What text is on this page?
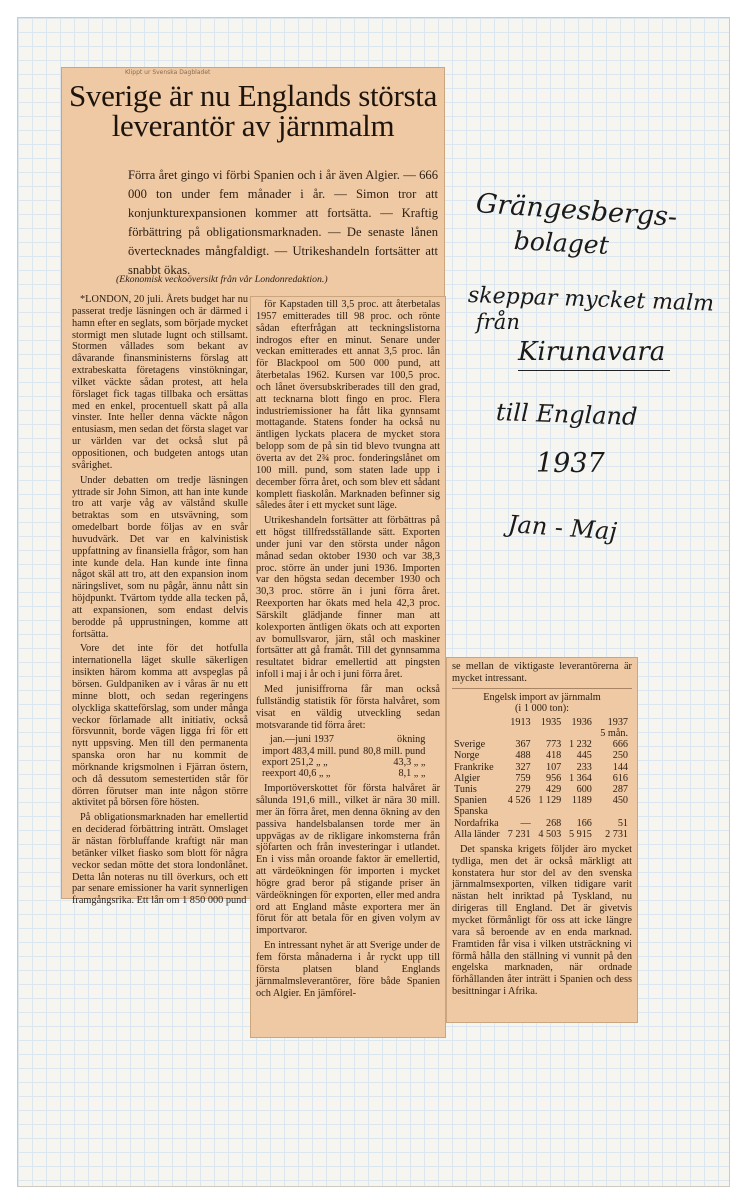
Klippt ur Svenska Dagbladet
Sverige är nu Englands största leverantör av järnmalm
Förra året gingo vi förbi Spanien och i år även Algier. — 666 000 ton under fem månader i år. — Simon tror att konjunkturexpansionen kommer att fortsätta. — Kraftig förbättring på obligationsmarknaden. — De senaste lånen övertecknades mångfaldigt. — Utrikeshandeln fortsätter att snabbt ökas.
(Ekonomisk veckoöversikt från vår Londonredaktion.)

*LONDON, 20 juli. Årets budget har nu passerat tredje läsningen och är därmed i hamn efter en seglats, som började mycket stormigt men slutade lugnt och stillsamt. Stormen vållades som bekant av dåvarande finansministerns förslag att extrabeskatta företagens vinstökningar, vilket väckte sådan protest, att hela förslaget fick tagas tillbaka och ersättas med en enkel, procentuell skatt på alla vinster. Inte heller denna väckte någon entusiasm, men sedan det första slaget var ur världen var det också slut på oppositionen, och budgeten antogs utan svårighet.

Under debatten om tredje läsningen yttrade sir John Simon, att han inte kunde tro att varje våg av välstånd skulle betraktas som en utsvävning, som omedelbart borde följas av en svår huvudvärk. Det var en kalvinistisk uppfattning av finansiella frågor, som han inte kunde dela. Han kunde inte finna något skäl att tro, att den expansion inom näringslivet, som nu pågår, ännu nått sin höjdpunkt. Tvärtom tydde alla tecken på, att expansionen, som endast delvis berodde på upprustningen, komme att fortsätta.

Vore det inte för det hotfulla internationella läget skulle säkerligen insikten härom komma att avspeglas på börsen. Guldpaniken av i våras är nu ett minne blott, och sedan regeringens olyckliga skatteförslag, som under många veckor förlamade allt initiativ, också försvunnit, borde vägen ligga fri för ett nytt uppsving. Men till den permanenta spanska oron har nu kommit de mörknande krigsmolnen i Fjärran östern, och då dessutom semestertiden står för dörren förutser man inte någon större aktivitet på börsen före hösten.

På obligationsmarknaden har emellertid en deciderad förbättring inträtt. Omslaget är nästan förbluffande kraftigt när man betänker vilket fiasko som blott för några veckor sedan mötte det stora londonlånet. Detta lån noteras nu till överkurs, och ett par senare emissioner ha varit synnerligen framgångsrika. Ett lån om 1 850 000 pund

för Kapstaden till 3,5 proc. att återbetalas 1957 emitterades till 98 proc. och rönte sådan efterfrågan att teckningslistorna indrogos efter en minut. Senare under veckan emitterades ett annat 3,5 proc. lån för Blackpool om 500 000 pund, att återbetalas 1962. Kursen var 100,5 proc. och lånet översubskriberades till den grad, att tecknarna blott fingo en proc. Flera industriemissioner ha fått lika gynnsamt mottagande. Statens fonder ha också nu äntligen lyckats placera de mycket stora belopp som de på sin tid blevo tvungna att överta av det 2¾ proc. fonderingslånet om 100 mill. pund, som staten lade upp i december förra året, och som blev ett sådant komplett fiaskolån. Marknaden befinner sig således åter i ett mycket sunt läge.

Utrikeshandeln fortsätter att förbättras på ett högst tillfredsställande sätt. Exporten under juni var den största under någon månad sedan oktober 1930 och var 38,3 proc. större än under juni 1936. Importen var den högsta sedan december 1930 och 30,3 proc. större än i juni förra året. Reexporten har ökats med hela 42,3 proc. Särskilt glädjande finner man att kolexporten äntligen ökats och att exporten av bomullsvaror, järn, stål och maskiner fortsätter att gå framåt. Till det gynnsamma resultatet bidrar emellertid att pingsten infoll i maj i år och i juni förra året.

Med junisiffrorna får man också fullständig statistik för första halvåret, som visat en väldig utveckling sedan motsvarande tid förra året:

jan.—juni 1937	ökning
import 483,4 mill. pund	80,8 mill. pund
export 251,2 „ „	43,3 „ „
reexport 40,6 „ „	8,1 „ „

Importöverskottet för första halvåret är sålunda 191,6 mill., vilket är nära 30 mill. mer än förra året, men denna ökning av den passiva handelsbalansen torde mer än uppvägas av de rikligare inkomsterna från sjöfarten och från investeringar i utlandet. En i viss mån oroande faktor är emellertid, att värdeökningen för importen i mycket högre grad beror på stigande priser än värdeökningen för exporten, eller med andra ord att England måste exportera mer än förut för att betala för en given volym av importvaror.

En intressant nyhet är att Sverige under de fem första månaderna i år ryckt upp till första platsen bland Englands järnmalmsleverantörer, före både Spanien och Algier. En jämförel-

se mellan de viktigaste leverantörerna är mycket intressant.

Engelsk import av järnmalm
(i 1 000 ton):
	1913	1935	1936	1937
				5 mån.
Sverige	367	773	1 232	666
Norge	488	418	445	250
Frankrike	327	107	233	144
Algier	759	956	1 364	616
Tunis	279	429	600	287
Spanien	4 526	1 129	1189	450
Spanska Nordafrika	—	268	166	51
Alla länder	7 231	4 503	5 915	2 731

Det spanska krigets följder äro mycket tydliga, men det är också märkligt att konstatera hur stor del av den svenska järnmalmsexporten, vilken tidigare varit nästan helt inriktad på Tyskland, nu dirigeras till England. Det är givetvis mycket förmånligt för oss att icke längre vara så beroende av en enda marknad. Framtiden får visa i vilken utsträckning vi förmå hålla den ställning vi vunnit på den engelska marknaden, när ordnade förhållanden åter inträtt i Spanien och dess besittningar i Afrika.

Grängesbergs-
bolaget
skeppar mycket malm
från
Kirunavara
till England
1937
Jan - Maj
